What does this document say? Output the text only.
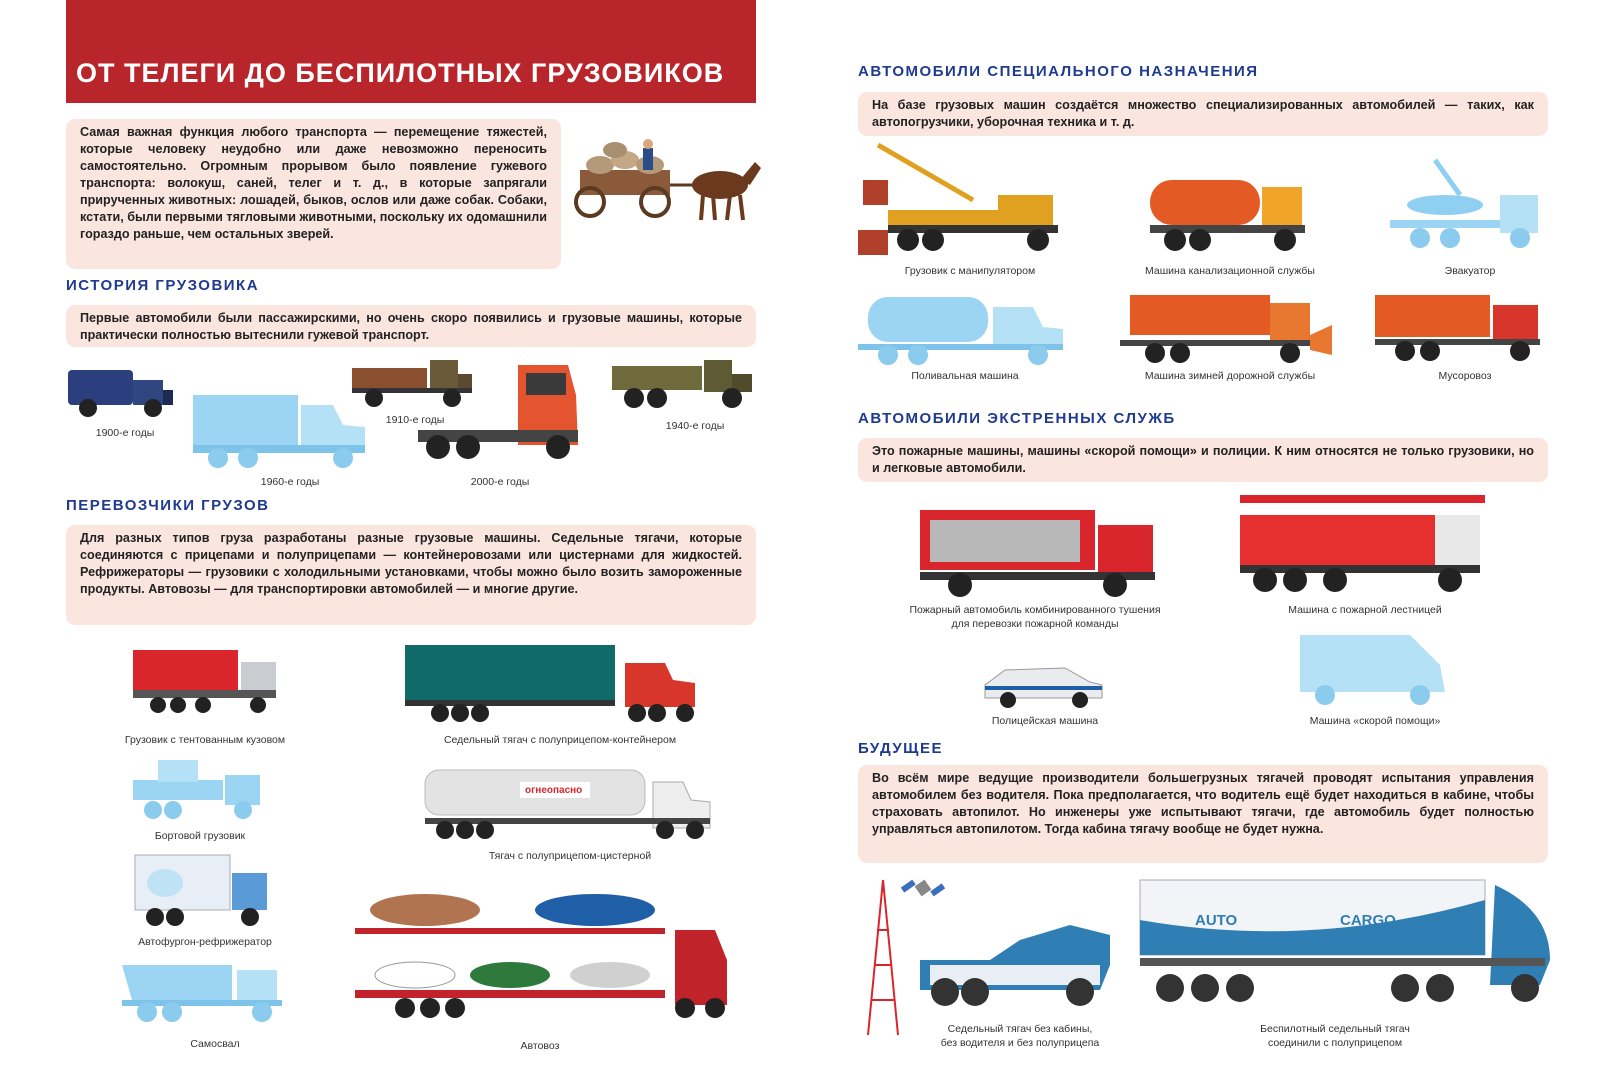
ОТ ТЕЛЕГИ ДО БЕСПИЛОТНЫХ ГРУЗОВИКОВ
Самая важная функция любого транспорта — перемещение тяжестей, которые человеку неудобно или даже невозможно переносить самостоятельно. Огромным прорывом было появление гужевого транспорта: волокуш, саней, телег и т. д., в которые запрягали прирученных животных: лошадей, быков, ослов или даже собак. Собаки, кстати, были первыми тягловыми животными, поскольку их одомашнили гораздо раньше, чем остальных зверей.
ИСТОРИЯ ГРУЗОВИКА
Первые автомобили были пассажирскими, но очень скоро появились и грузовые машины, которые практически полностью вытеснили гужевой транспорт.
1900-е годы
1960-е годы
1910-е годы
2000-е годы
1940-е годы
ПЕРЕВОЗЧИКИ ГРУЗОВ
Для разных типов груза разработаны разные грузовые машины. Седельные тягачи, которые соединяются с прицепами и полуприцепами — контейнеровозами или цистернами для жидкостей. Рефрижераторы — грузовики с холодильными установками, чтобы можно было возить замороженные продукты. Автовозы — для транспортировки автомобилей — и многие другие.
Грузовик с тентованным кузовом	Седельный тягач с полуприцепом-контейнером
Бортовой грузовик
огнеопасно
Тягач с полуприцепом-цистерной
Автофургон-рефрижератор
Самосвал	Автовоз
АВТОМОБИЛИ СПЕЦИАЛЬНОГО НАЗНАЧЕНИЯ
На базе грузовых машин создаётся множество специализированных автомобилей — таких, как автопогрузчики, уборочная техника и т. д.
Грузовик с манипулятором	Машина канализационной службы	Эвакуатор
Поливальная машина	Машина зимней дорожной службы	Мусоровоз
АВТОМОБИЛИ ЭКСТРЕННЫХ СЛУЖБ
Это пожарные машины, машины «скорой помощи» и полиции. К ним относятся не только грузовики, но и легковые автомобили.
Пожарный автомобиль комбинированного тушения
для перевозки пожарной команды
Машина с пожарной лестницей
Полицейская машина	Машина «скорой помощи»
БУДУЩЕЕ
Во всём мире ведущие производители большегрузных тягачей проводят испытания управления автомобилем без водителя. Пока предполагается, что водитель ещё будет находиться в кабине, чтобы страховать автопилот. Но инженеры уже испытывают тягачи, где автомобиль будет полностью управляться автопилотом. Тогда кабина тягачу вообще не будет нужна.
Седельный тягач без кабины,
без водителя и без полуприцепа
AUTO	CARGO
Беспилотный седельный тягач
соединили с полуприцепом
